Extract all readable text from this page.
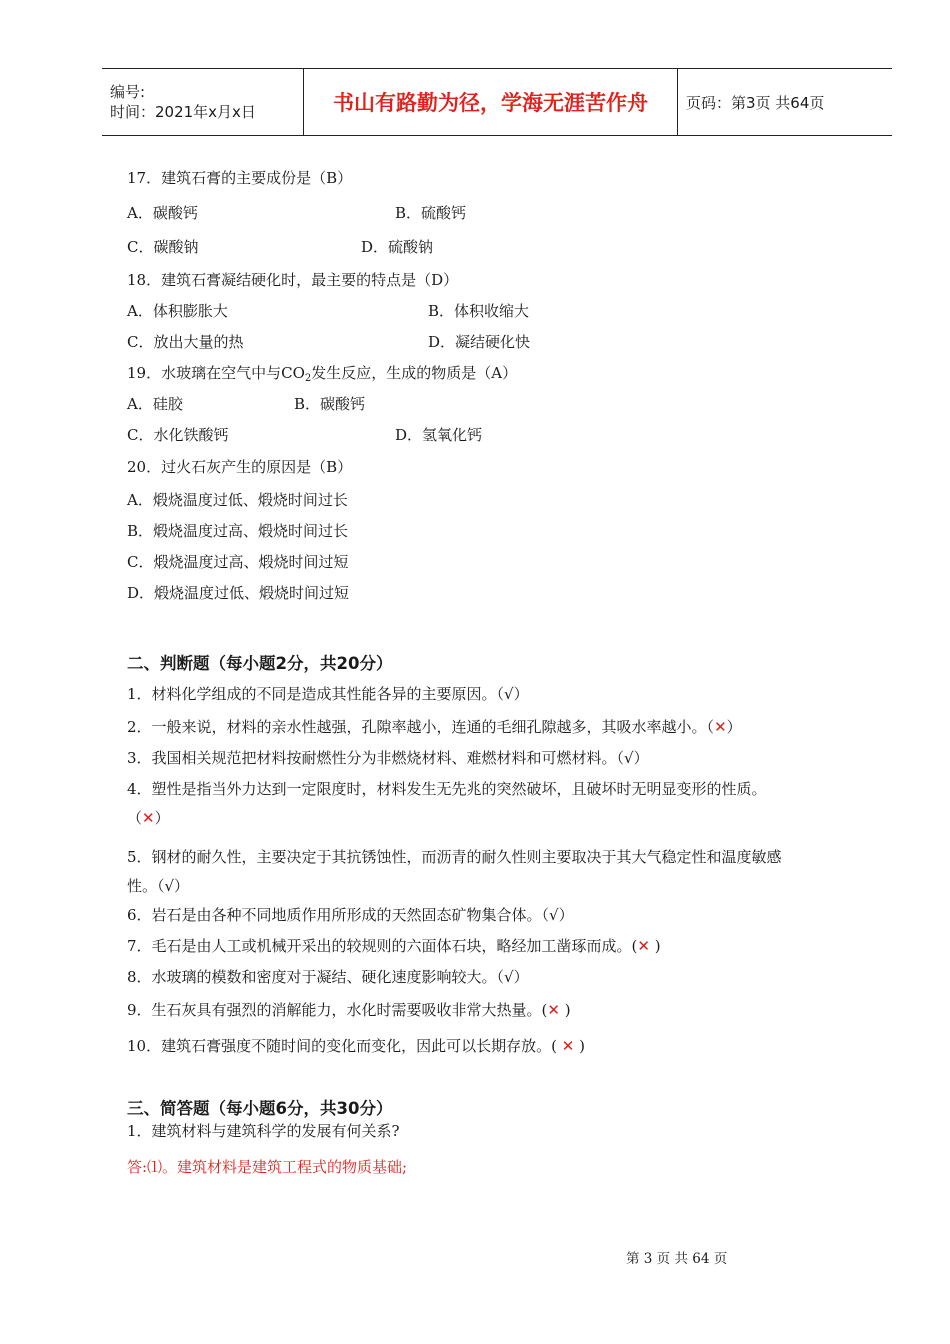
编号:
时间：2021年x月x日	书山有路勤为径，学海无涯苦作舟	页码：第3页 共64页
17．建筑石膏的主要成份是（B）
A．碳酸钙	B．硫酸钙
C．碳酸钠	D．硫酸钠
18．建筑石膏凝结硬化时，最主要的特点是（D）
A．体积膨胀大	B．体积收缩大
C．放出大量的热	D．凝结硬化快
19．水玻璃在空气中与$CO_2$发生反应，生成的物质是（A）
A．硅胶	B．碳酸钙
C．水化铁酸钙	D．氢氧化钙
20．过火石灰产生的原因是（B）
A．煅烧温度过低、煅烧时间过长
B．煅烧温度过高、煅烧时间过长
C．煅烧温度过高、煅烧时间过短
D．煅烧温度过低、煅烧时间过短
二、判断题（每小题2分，共20分）
1．材料化学组成的不同是造成其性能各异的主要原因。（√）
2．一般来说，材料的亲水性越强，孔隙率越小，连通的毛细孔隙越多，其吸水率越小。（✕）
3．我国相关规范把材料按耐燃性分为非燃烧材料、难燃材料和可燃材料。（√）
4．塑性是指当外力达到一定限度时，材料发生无先兆的突然破坏，且破坏时无明显变形的性质。
（✕）
5．钢材的耐久性，主要决定于其抗锈蚀性，而沥青的耐久性则主要取决于其大气稳定性和温度敏感
性。（√）
6．岩石是由各种不同地质作用所形成的天然固态矿物集合体。（√）
7．毛石是由人工或机械开采出的较规则的六面体石块，略经加工凿琢而成。(✕ )
8．水玻璃的模数和密度对于凝结、硬化速度影响较大。（√）
9．生石灰具有强烈的消解能力，水化时需要吸收非常大热量。(✕ )
10．建筑石膏强度不随时间的变化而变化，因此可以长期存放。( ✕ )
三、简答题（每小题6分，共30分）
1．建筑材料与建筑科学的发展有何关系?
答:⑴。建筑材料是建筑工程式的物质基础;
第 3 页 共 64 页
